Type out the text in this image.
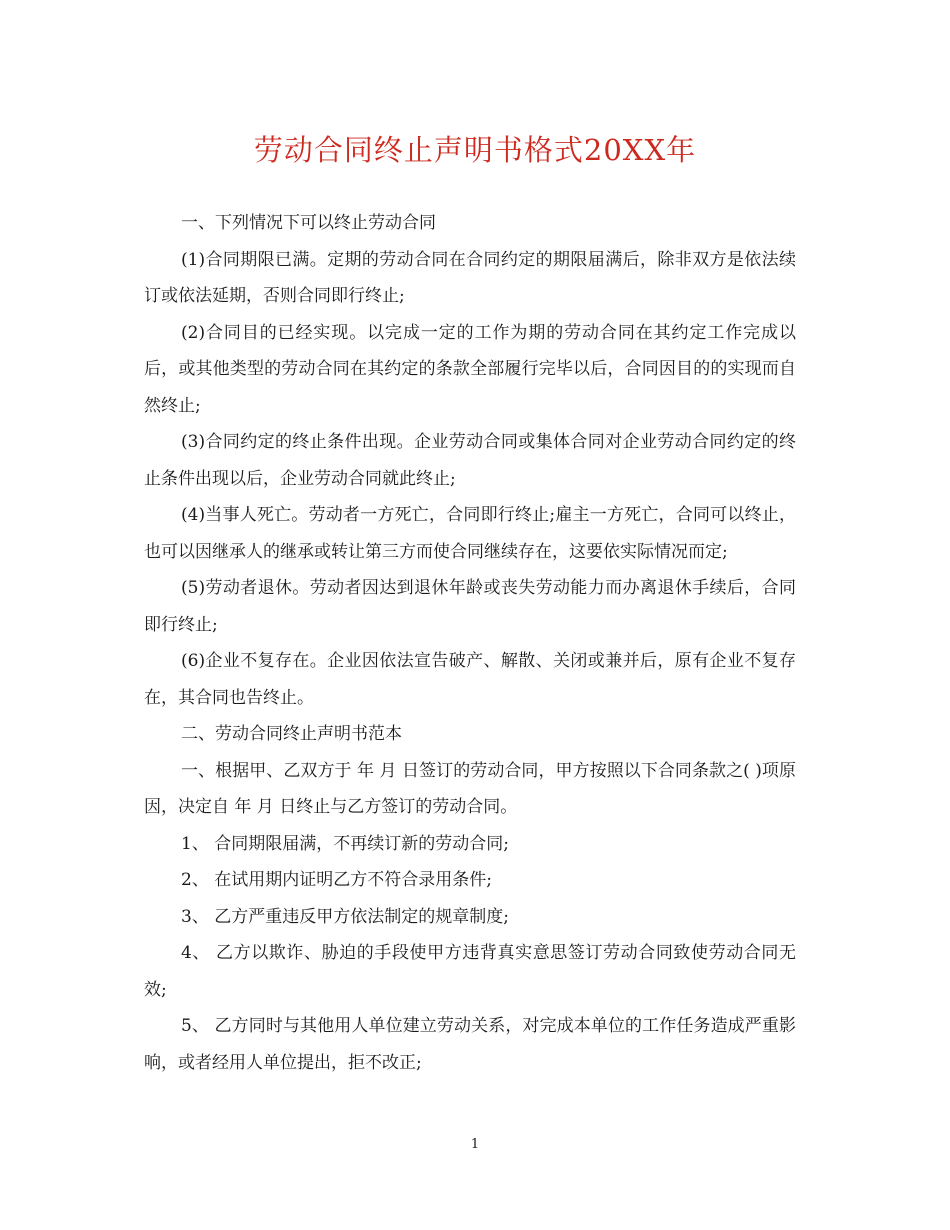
劳动合同终止声明书格式20XX年

一、下列情况下可以终止劳动合同

(1)合同期限已满。定期的劳动合同在合同约定的期限届满后，除非双方是依法续订或依法延期，否则合同即行终止;

(2)合同目的已经实现。以完成一定的工作为期的劳动合同在其约定工作完成以后，或其他类型的劳动合同在其约定的条款全部履行完毕以后，合同因目的的实现而自然终止;

(3)合同约定的终止条件出现。企业劳动合同或集体合同对企业劳动合同约定的终止条件出现以后，企业劳动合同就此终止;

(4)当事人死亡。劳动者一方死亡，合同即行终止;雇主一方死亡，合同可以终止，也可以因继承人的继承或转让第三方而使合同继续存在，这要依实际情况而定;

(5)劳动者退休。劳动者因达到退休年龄或丧失劳动能力而办离退休手续后，合同即行终止;

(6)企业不复存在。企业因依法宣告破产、解散、关闭或兼并后，原有企业不复存在，其合同也告终止。

二、劳动合同终止声明书范本

一、根据甲、乙双方于 年 月 日签订的劳动合同，甲方按照以下合同条款之( )项原因，决定自 年 月 日终止与乙方签订的劳动合同。

1、 合同期限届满，不再续订新的劳动合同;

2、 在试用期内证明乙方不符合录用条件;

3、 乙方严重违反甲方依法制定的规章制度;

4、 乙方以欺诈、胁迫的手段使甲方违背真实意思签订劳动合同致使劳动合同无效;

5、 乙方同时与其他用人单位建立劳动关系，对完成本单位的工作任务造成严重影响，或者经用人单位提出，拒不改正;

1
